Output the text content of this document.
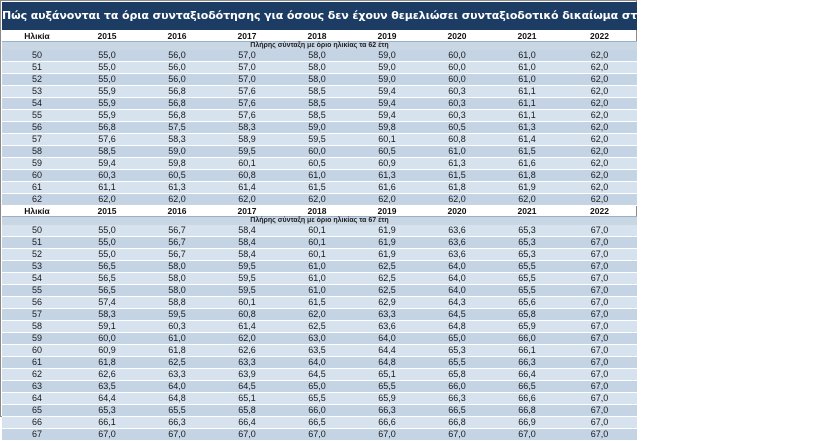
Πώς αυξάνονται τα όρια συνταξιοδότησης για όσους δεν έχουν θεμελιώσει συνταξιοδοτικό δικαίωμα στον ιδιωτικό και δημόσιο τομέα
Ηλικία	2015	2016	2017	2018	2019	2020	2021	2022
Πλήρης σύνταξη με όριο ηλικίας τα 62 έτη								
50	55,0	56,0	57,0	58,0	59,0	60,0	61,0	62,0
51	55,0	56,0	57,0	58,0	59,0	60,0	61,0	62,0
52	55,0	56,0	57,0	58,0	59,0	60,0	61,0	62,0
53	55,9	56,8	57,6	58,5	59,4	60,3	61,1	62,0
54	55,9	56,8	57,6	58,5	59,4	60,3	61,1	62,0
55	55,9	56,8	57,6	58,5	59,4	60,3	61,1	62,0
56	56,8	57,5	58,3	59,0	59,8	60,5	61,3	62,0
57	57,6	58,3	58,9	59,5	60,1	60,8	61,4	62,0
58	58,5	59,0	59,5	60,0	60,5	61,0	61,5	62,0
59	59,4	59,8	60,1	60,5	60,9	61,3	61,6	62,0
60	60,3	60,5	60,8	61,0	61,3	61,5	61,8	62,0
61	61,1	61,3	61,4	61,5	61,6	61,8	61,9	62,0
62	62,0	62,0	62,0	62,0	62,0	62,0	62,0	62,0
Ηλικία	2015	2016	2017	2018	2019	2020	2021	2022
Πλήρης σύνταξη με όριο ηλικίας τα 67 έτη								
50	55,0	56,7	58,4	60,1	61,9	63,6	65,3	67,0
51	55,0	56,7	58,4	60,1	61,9	63,6	65,3	67,0
52	55,0	56,7	58,4	60,1	61,9	63,6	65,3	67,0
53	56,5	58,0	59,5	61,0	62,5	64,0	65,5	67,0
54	56,5	58,0	59,5	61,0	62,5	64,0	65,5	67,0
55	56,5	58,0	59,5	61,0	62,5	64,0	65,5	67,0
56	57,4	58,8	60,1	61,5	62,9	64,3	65,6	67,0
57	58,3	59,5	60,8	62,0	63,3	64,5	65,8	67,0
58	59,1	60,3	61,4	62,5	63,6	64,8	65,9	67,0
59	60,0	61,0	62,0	63,0	64,0	65,0	66,0	67,0
60	60,9	61,8	62,6	63,5	64,4	65,3	66,1	67,0
61	61,8	62,5	63,3	64,0	64,8	65,5	66,3	67,0
62	62,6	63,3	63,9	64,5	65,1	65,8	66,4	67,0
63	63,5	64,0	64,5	65,0	65,5	66,0	66,5	67,0
64	64,4	64,8	65,1	65,5	65,9	66,3	66,6	67,0
65	65,3	65,5	65,8	66,0	66,3	66,5	66,8	67,0
66	66,1	66,3	66,4	66,5	66,6	66,8	66,9	67,0
67	67,0	67,0	67,0	67,0	67,0	67,0	67,0	67,0
